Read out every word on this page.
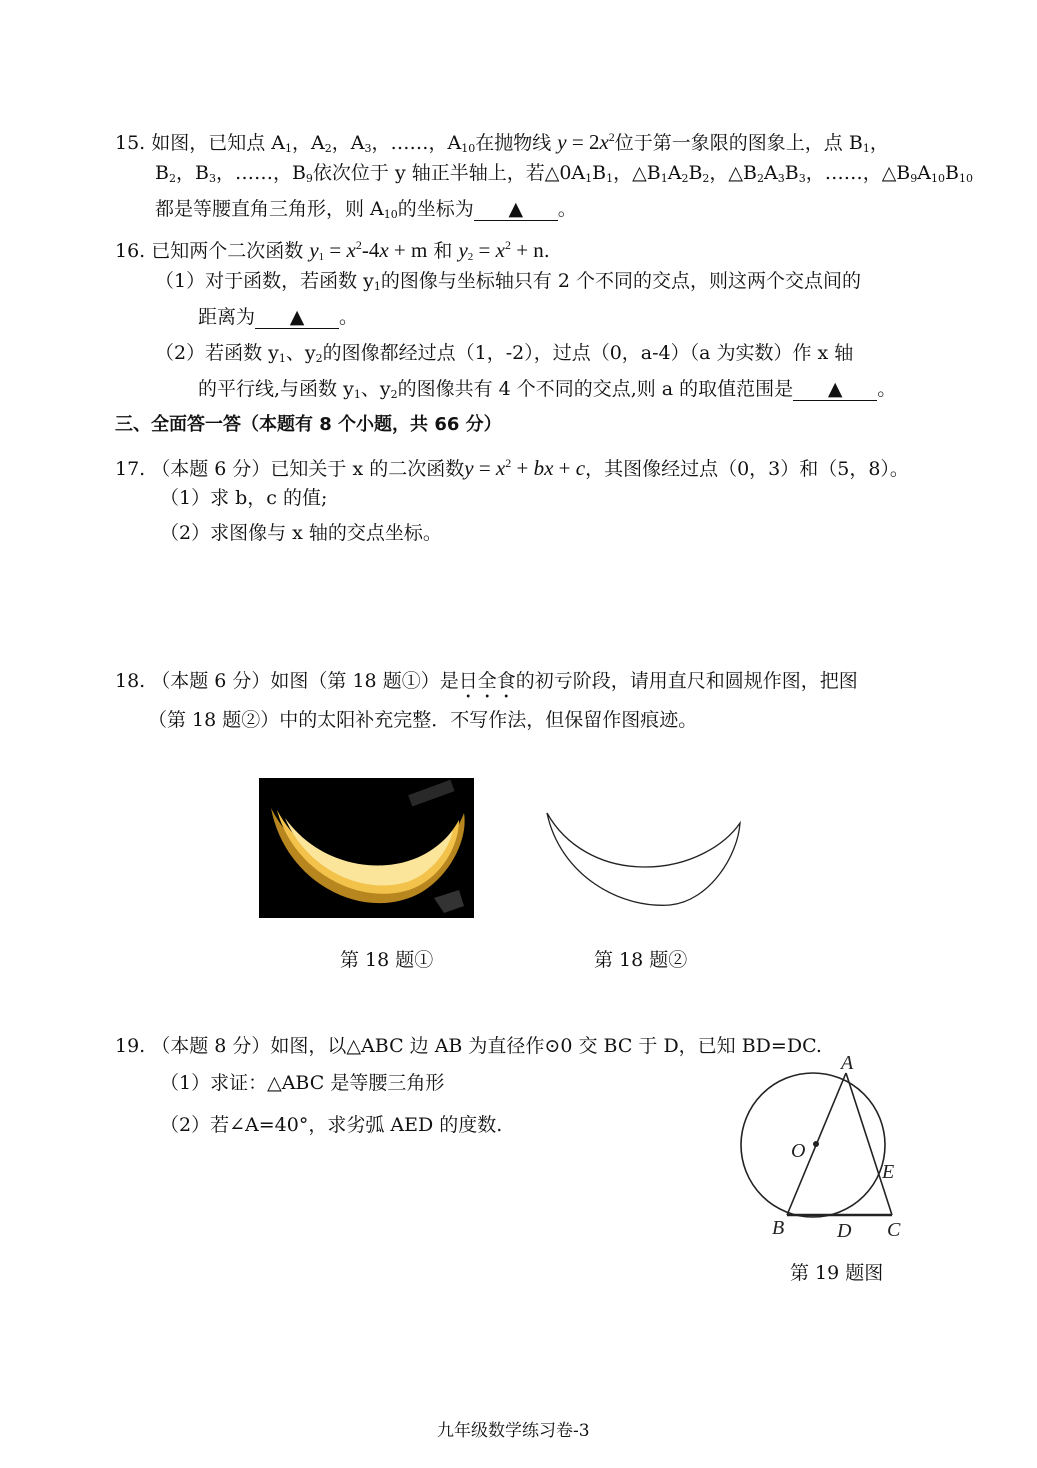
15. 如图，已知点 $A_1$，$A_2$，$A_3$，……，$A_{10}$在抛物线 $y = 2x^2$位于第一象限的图象上，点 $B_1$，
$B_2$，$B_3$，……，$B_9$依次位于 y 轴正半轴上，若$\triangle 0A_1B_1$，$\triangle B_1A_2B_2$，$\triangle B_2A_3B_3$，……，$\triangle B_9A_{10}B_{10}$
都是等腰直角三角形，则 $A_{10}$的坐标为 ▲ 。
16. 已知两个二次函数 $y_1 = x^2-4x + m$ 和 $y_2 = x^2 + n$.
（1）对于函数，若函数 $y_1$的图像与坐标轴只有 2 个不同的交点，则这两个交点间的
距离为 ▲ 。
（2）若函数 $y_1$、$y_2$的图像都经过点（1，-2），过点（0，a-4）（a 为实数）作 x 轴
的平行线,与函数 $y_1$、$y_2$的图像共有 4 个不同的交点,则 a 的取值范围是 ▲ 。
三、全面答一答（本题有 8 个小题，共 66 分）
17. （本题 6 分）已知关于 x 的二次函数$y = x^2$ + bx + c，其图像经过点（0，3）和（5，8）。
（1）求 b，c 的值;
（2）求图像与 x 轴的交点坐标。
18. （本题 6 分）如图（第 18 题①）是日全食的初亏阶段，请用直尺和圆规作图，把图
（第 18 题②）中的太阳补充完整．不写作法，但保留作图痕迹。
第 18 题①	第 18 题②
19. （本题 8 分）如图，以△ABC 边 AB 为直径作⊙0 交 BC 于 D，已知 BD=DC.
（1）求证：△ABC 是等腰三角形
（2）若∠A=40°，求劣弧 AED 的度数.
A
O
E
B	D C
第 19 题图
九年级数学练习卷-3
